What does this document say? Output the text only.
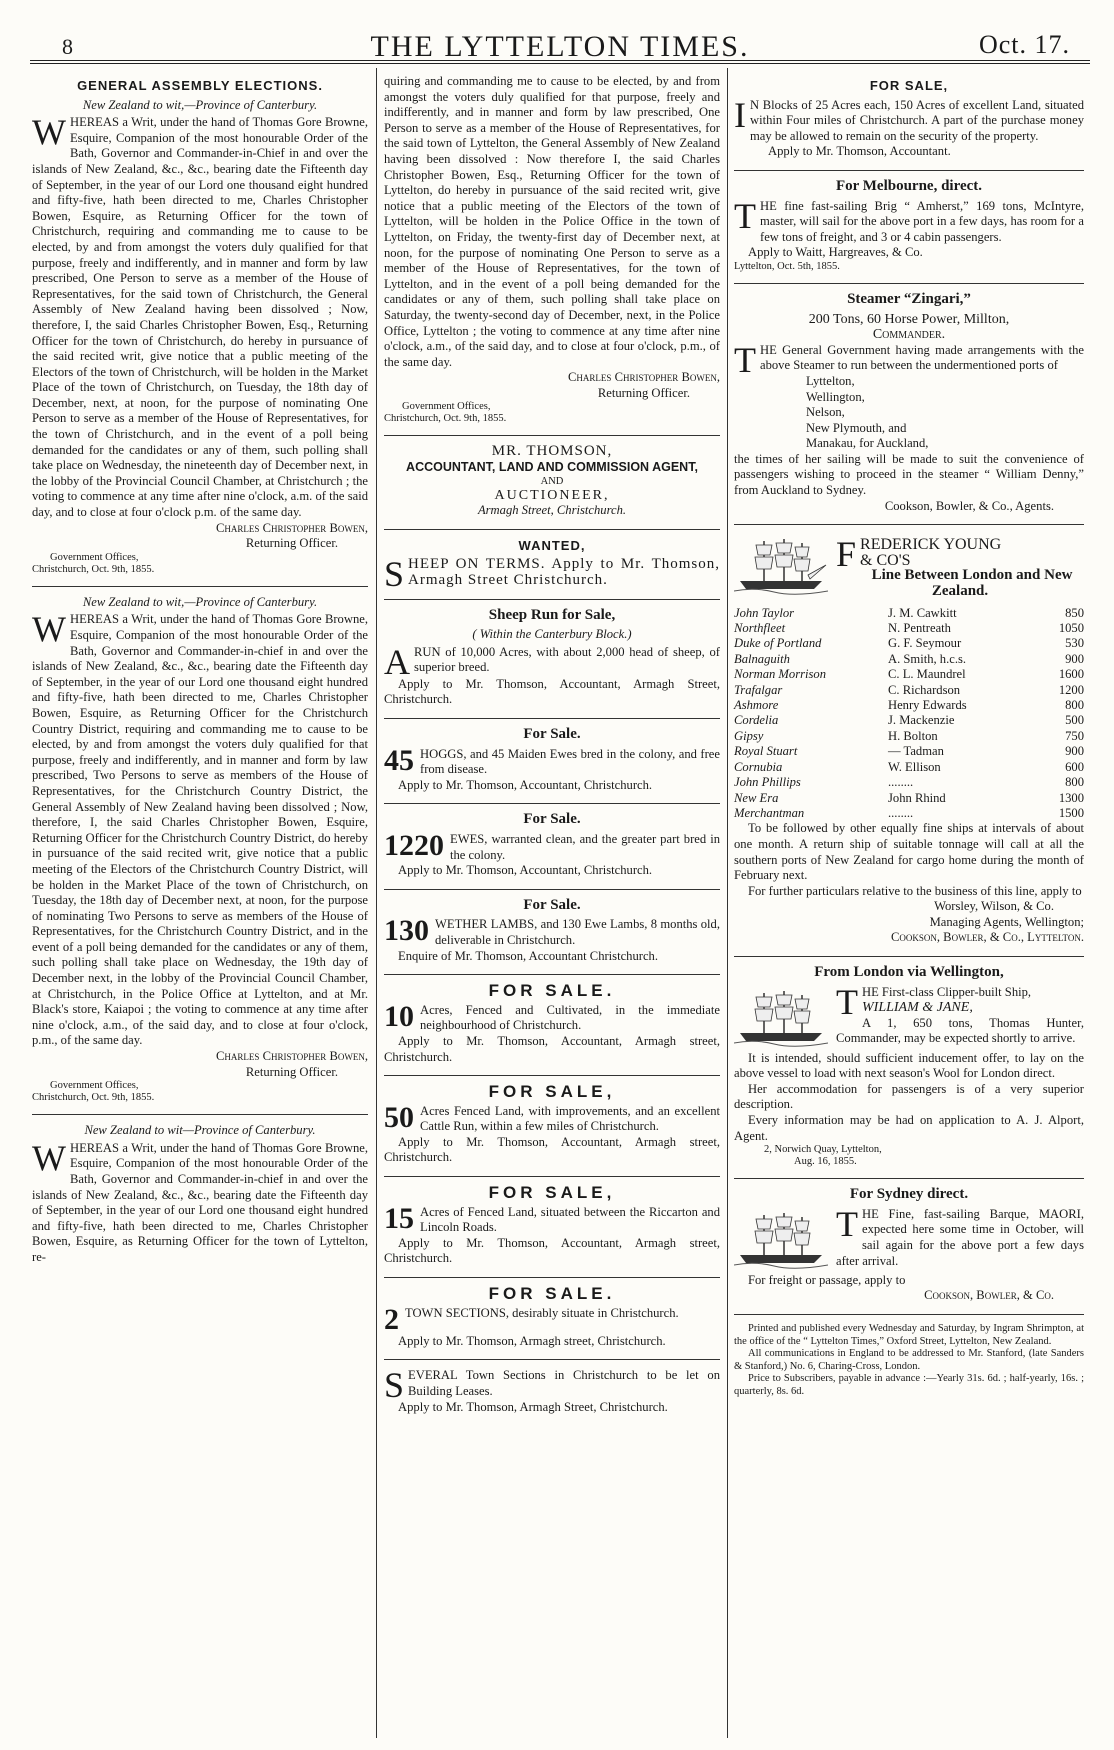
8	THE LYTTELTON TIMES.	Oct. 17.
GENERAL ASSEMBLY ELECTIONS.
New Zealand to wit,—Province of Canterbury.

WHEREAS a Writ, under the hand of Thomas Gore Browne, Esquire, Companion of the most honourable Order of the Bath, Governor and Commander-in-Chief in and over the islands of New Zealand, &c., &c., bearing date the Fifteenth day of September, in the year of our Lord one thousand eight hundred and fifty-five, hath been directed to me, Charles Christopher Bowen, Esquire, as Returning Officer for the town of Christchurch, requiring and commanding me to cause to be elected, by and from amongst the voters duly qualified for that purpose, freely and indifferently, and in manner and form by law prescribed, One Person to serve as a member of the House of Representatives, for the said town of Christchurch, the General Assembly of New Zealand having been dissolved ; Now, therefore, I, the said Charles Christopher Bowen, Esq., Returning Officer for the town of Christchurch, do hereby in pursuance of the said recited writ, give notice that a public meeting of the Electors of the town of Christchurch, will be holden in the Market Place of the town of Christchurch, on Tuesday, the 18th day of December, next, at noon, for the purpose of nominating One Person to serve as a member of the House of Representatives, for the town of Christchurch, and in the event of a poll being demanded for the candidates or any of them, such polling shall take place on Wednesday, the nineteenth day of December next, in the lobby of the Provincial Council Chamber, at Christchurch ; the voting to commence at any time after nine o'clock, a.m. of the said day, and to close at four o'clock p.m. of the same day.

Charles Christopher Bowen,
Returning Officer.
Government Offices,
Christchurch, Oct. 9th, 1855.
New Zealand to wit,—Province of Canterbury.

WHEREAS a Writ, under the hand of Thomas Gore Browne, Esquire, Companion of the most honourable Order of the Bath, Governor and Commander-in-chief in and over the islands of New Zealand, &c., &c., bearing date the Fifteenth day of September, in the year of our Lord one thousand eight hundred and fifty-five, hath been directed to me, Charles Christopher Bowen, Esquire, as Returning Officer for the Christchurch Country District, requiring and commanding me to cause to be elected, by and from amongst the voters duly qualified for that purpose, freely and indifferently, and in manner and form by law prescribed, Two Persons to serve as members of the House of Representatives, for the Christchurch Country District, the General Assembly of New Zealand having been dissolved ; Now, therefore, I, the said Charles Christopher Bowen, Esquire, Returning Officer for the Christchurch Country District, do hereby in pursuance of the said recited writ, give notice that a public meeting of the Electors of the Christchurch Country District, will be holden in the Market Place of the town of Christchurch, on Tuesday, the 18th day of December next, at noon, for the purpose of nominating Two Persons to serve as members of the House of Representatives, for the Christchurch Country District, and in the event of a poll being demanded for the candidates or any of them, such polling shall take place on Wednesday, the 19th day of December next, in the lobby of the Provincial Council Chamber, at Christchurch, in the Police Office at Lyttelton, and at Mr. Black's store, Kaiapoi ; the voting to commence at any time after nine o'clock, a.m., of the said day, and to close at four o'clock, p.m., of the same day.

Charles Christopher Bowen,
Returning Officer.
Government Offices,
Christchurch, Oct. 9th, 1855.
New Zealand to wit—Province of Canterbury.

WHEREAS a Writ, under the hand of Thomas Gore Browne, Esquire, Companion of the most honourable Order of the Bath, Governor and Commander-in-chief in and over the islands of New Zealand, &c., &c., bearing date the Fifteenth day of September, in the year of our Lord one thousand eight hundred and fifty-five, hath been directed to me, Charles Christopher Bowen, Esquire, as Returning Officer for the town of Lyttelton, re-

quiring and commanding me to cause to be elected, by and from amongst the voters duly qualified for that purpose, freely and indifferently, and in manner and form by law prescribed, One Person to serve as a member of the House of Representatives, for the said town of Lyttelton, the General Assembly of New Zealand having been dissolved : Now therefore I, the said Charles Christopher Bowen, Esq., Returning Officer for the town of Lyttelton, do hereby in pursuance of the said recited writ, give notice that a public meeting of the Electors of the town of Lyttelton, will be holden in the Police Office in the town of Lyttelton, on Friday, the twenty-first day of December next, at noon, for the purpose of nominating One Person to serve as a member of the House of Representatives, for the town of Lyttelton, and in the event of a poll being demanded for the candidates or any of them, such polling shall take place on Saturday, the twenty-second day of December, next, in the Police Office, Lyttelton ; the voting to commence at any time after nine o'clock, a.m., of the said day, and to close at four o'clock, p.m., of the same day.

Charles Christopher Bowen,
Returning Officer.
Government Offices,
Christchurch, Oct. 9th, 1855.
MR. THOMSON,
ACCOUNTANT, LAND AND COMMISSION AGENT,
AND
AUCTIONEER,
Armagh Street, Christchurch.
WANTED,

SHEEP ON TERMS. Apply to Mr. Thomson, Armagh Street Christchurch.

Sheep Run for Sale,
( Within the Canterbury Block.)

ARUN of 10,000 Acres, with about 2,000 head of sheep, of superior breed.

Apply to Mr. Thomson, Accountant, Armagh Street, Christchurch.

For Sale.

45 HOGGS, and 45 Maiden Ewes bred in the colony, and free from disease.

Apply to Mr. Thomson, Accountant, Christchurch.

For Sale.

1220 EWES, warranted clean, and the greater part bred in the colony.

Apply to Mr. Thomson, Accountant, Christchurch.

For Sale.

130 WETHER LAMBS, and 130 Ewe Lambs, 8 months old, deliverable in Christchurch.

Enquire of Mr. Thomson, Accountant Christchurch.

FOR SALE.

10 Acres, Fenced and Cultivated, in the immediate neighbourhood of Christchurch.

Apply to Mr. Thomson, Accountant, Armagh street, Christchurch.

FOR SALE,

50 Acres Fenced Land, with improvements, and an excellent Cattle Run, within a few miles of Christchurch.

Apply to Mr. Thomson, Accountant, Armagh street, Christchurch.

FOR SALE,

15 Acres of Fenced Land, situated between the Riccarton and Lincoln Roads.

Apply to Mr. Thomson, Accountant, Armagh street, Christchurch.

FOR SALE.

2 TOWN SECTIONS, desirably situate in Christchurch.

Apply to Mr. Thomson, Armagh street, Christchurch.

SEVERAL Town Sections in Christchurch to be let on Building Leases.

Apply to Mr. Thomson, Armagh Street, Christchurch.

FOR SALE,

I N Blocks of 25 Acres each, 150 Acres of excellent Land, situated within Four miles of Christchurch. A part of the purchase money may be allowed to remain on the security of the property.

Apply to Mr. Thomson, Accountant.

For Melbourne, direct.

THE fine fast-sailing Brig “ Amherst,” 169 tons, McIntyre, master, will sail for the above port in a few days, has room for a few tons of freight, and 3 or 4 cabin passengers.

Apply to Waitt, Hargreaves, & Co.

Lyttelton, Oct. 5th, 1855.
Steamer “Zingari,”
200 Tons, 60 Horse Power, Millton,
Commander.

THE General Government having made arrangements with the above Steamer to run between the undermentioned ports of

Lyttelton,
Wellington,
Nelson,
New Plymouth, and
Manakau, for Auckland,

the times of her sailing will be made to suit the convenience of passengers wishing to proceed in the steamer “ William Denny,” from Auckland to Sydney.

Cookson, Bowler, & Co., Agents.
FREDERICK YOUNG
& CO'S
Line Between London and New Zealand.
John Taylor	J. M. Cawkitt	850
Northfleet	N. Pentreath	1050
Duke of Portland	G. F. Seymour	530
Balnaguith	A. Smith, h.c.s.	900
Norman Morrison	C. L. Maundrel	1600
Trafalgar	C. Richardson	1200
Ashmore	Henry Edwards	800
Cordelia	J. Mackenzie	500
Gipsy	H. Bolton	750
Royal Stuart	— Tadman	900
Cornubia	W. Ellison	600
John Phillips	........	800
New Era	John Rhind	1300
Merchantman	........	1500

To be followed by other equally fine ships at intervals of about one month. A return ship of suitable tonnage will call at all the southern ports of New Zealand for cargo home during the month of February next.

For further particulars relative to the business of this line, apply to

Worsley, Wilson, & Co.
Managing Agents, Wellington;
Cookson, Bowler, & Co., Lyttelton.
From London via Wellington,

THE First-class Clipper-built Ship,

WILLIAM & JANE,

A 1, 650 tons, Thomas Hunter, Commander, may be expected shortly to arrive.

It is intended, should sufficient inducement offer, to lay on the above vessel to load with next season's Wool for London direct.

Her accommodation for passengers is of a very superior description.

Every information may be had on application to A. J. Alport, Agent.

2, Norwich Quay, Lyttelton,
Aug. 16, 1855.
For Sydney direct.

THE Fine, fast-sailing Barque, MAORI, expected here some time in October, will sail again for the above port a few days after arrival.

For freight or passage, apply to

Cookson, Bowler, & Co.

Printed and published every Wednesday and Saturday, by Ingram Shrimpton, at the office of the “ Lyttelton Times,” Oxford Street, Lyttelton, New Zealand.

All communications in England to be addressed to Mr. Stanford, (late Sanders & Stanford,) No. 6, Charing-Cross, London.

Price to Subscribers, payable in advance :—Yearly 31s. 6d. ; half-yearly, 16s. ; quarterly, 8s. 6d.
